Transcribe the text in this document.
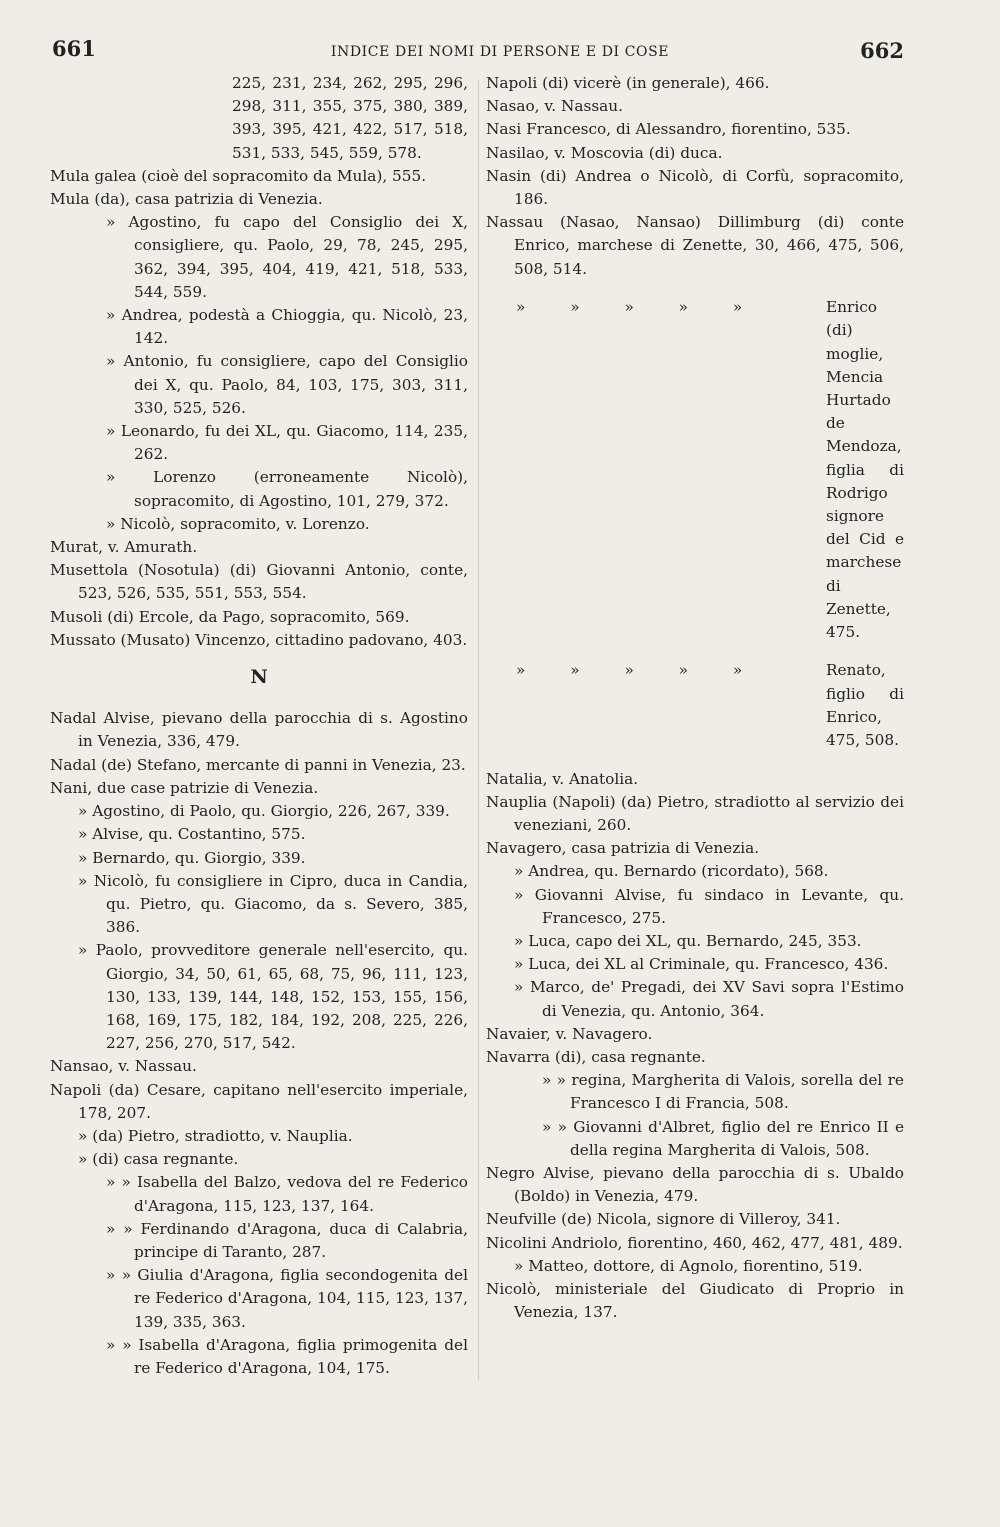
661	INDICE DEI NOMI DI PERSONE E DI COSE	662

225, 231, 234, 262, 295, 296, 298, 311, 355, 375, 380, 389, 393, 395, 421, 422, 517, 518, 531, 533, 545, 559, 578.

Mula galea (cioè del sopracomito da Mula), 555.

Mula (da), casa patrizia di Venezia.

» Agostino, fu capo del Consiglio dei X, consigliere, qu. Paolo, 29, 78, 245, 295, 362, 394, 395, 404, 419, 421, 518, 533, 544, 559.

» Andrea, podestà a Chioggia, qu. Nicolò, 23, 142.

» Antonio, fu consigliere, capo del Consiglio dei X, qu. Paolo, 84, 103, 175, 303, 311, 330, 525, 526.

» Leonardo, fu dei XL, qu. Giacomo, 114, 235, 262.

» Lorenzo (erroneamente Nicolò), sopracomito, di Agostino, 101, 279, 372.

» Nicolò, sopracomito, v. Lorenzo.

Murat, v. Amurath.

Musettola (Nosotula) (di) Giovanni Antonio, conte, 523, 526, 535, 551, 553, 554.

Musoli (di) Ercole, da Pago, sopracomito, 569.

Mussato (Musato) Vincenzo, cittadino padovano, 403.

N

Nadal Alvise, pievano della parocchia di s. Agostino in Venezia, 336, 479.

Nadal (de) Stefano, mercante di panni in Venezia, 23.

Nani, due case patrizie di Venezia.

» Agostino, di Paolo, qu. Giorgio, 226, 267, 339.

» Alvise, qu. Costantino, 575.

» Bernardo, qu. Giorgio, 339.

» Nicolò, fu consigliere in Cipro, duca in Candia, qu. Pietro, qu. Giacomo, da s. Severo, 385, 386.

» Paolo, provveditore generale nell'esercito, qu. Giorgio, 34, 50, 61, 65, 68, 75, 96, 111, 123, 130, 133, 139, 144, 148, 152, 153, 155, 156, 168, 169, 175, 182, 184, 192, 208, 225, 226, 227, 256, 270, 517, 542.

Nansao, v. Nassau.

Napoli (da) Cesare, capitano nell'esercito imperiale, 178, 207.

» (da) Pietro, stradiotto, v. Nauplia.

» (di) casa regnante.

» » Isabella del Balzo, vedova del re Federico d'Aragona, 115, 123, 137, 164.

» » Ferdinando d'Aragona, duca di Calabria, principe di Taranto, 287.

» » Giulia d'Aragona, figlia secondogenita del re Federico d'Aragona, 104, 115, 123, 137, 139, 335, 363.

» » Isabella d'Aragona, figlia primogenita del re Federico d'Aragona, 104, 175.

Napoli (di) vicerè (in generale), 466.

Nasao, v. Nassau.

Nasi Francesco, di Alessandro, fiorentino, 535.

Nasilao, v. Moscovia (di) duca.

Nasin (di) Andrea o Nicolò, di Corfù, sopracomito, 186.

Nassau (Nasao, Nansao) Dillimburg (di) conte Enrico, marchese di Zenette, 30, 466, 475, 506, 508, 514.

» » » » »	Enrico (di) moglie, Mencia Hurtado de Mendoza, figlia di Rodrigo signore del Cid e marchese di Zenette, 475.

» » » » »	Renato, figlio di Enrico, 475, 508.

Natalia, v. Anatolia.

Nauplia (Napoli) (da) Pietro, stradiotto al servizio dei veneziani, 260.

Navagero, casa patrizia di Venezia.

» Andrea, qu. Bernardo (ricordato), 568.

» Giovanni Alvise, fu sindaco in Levante, qu. Francesco, 275.

» Luca, capo dei XL, qu. Bernardo, 245, 353.

» Luca, dei XL al Criminale, qu. Francesco, 436.

» Marco, de' Pregadi, dei XV Savi sopra l'Estimo di Venezia, qu. Antonio, 364.

Navaier, v. Navagero.

Navarra (di), casa regnante.

» » regina, Margherita di Valois, sorella del re Francesco I di Francia, 508.

» » Giovanni d'Albret, figlio del re Enrico II e della regina Margherita di Valois, 508.

Negro Alvise, pievano della parocchia di s. Ubaldo (Boldo) in Venezia, 479.

Neufville (de) Nicola, signore di Villeroy, 341.

Nicolini Andriolo, fiorentino, 460, 462, 477, 481, 489.

» Matteo, dottore, di Agnolo, fiorentino, 519.

Nicolò, ministeriale del Giudicato di Proprio in Venezia, 137.
